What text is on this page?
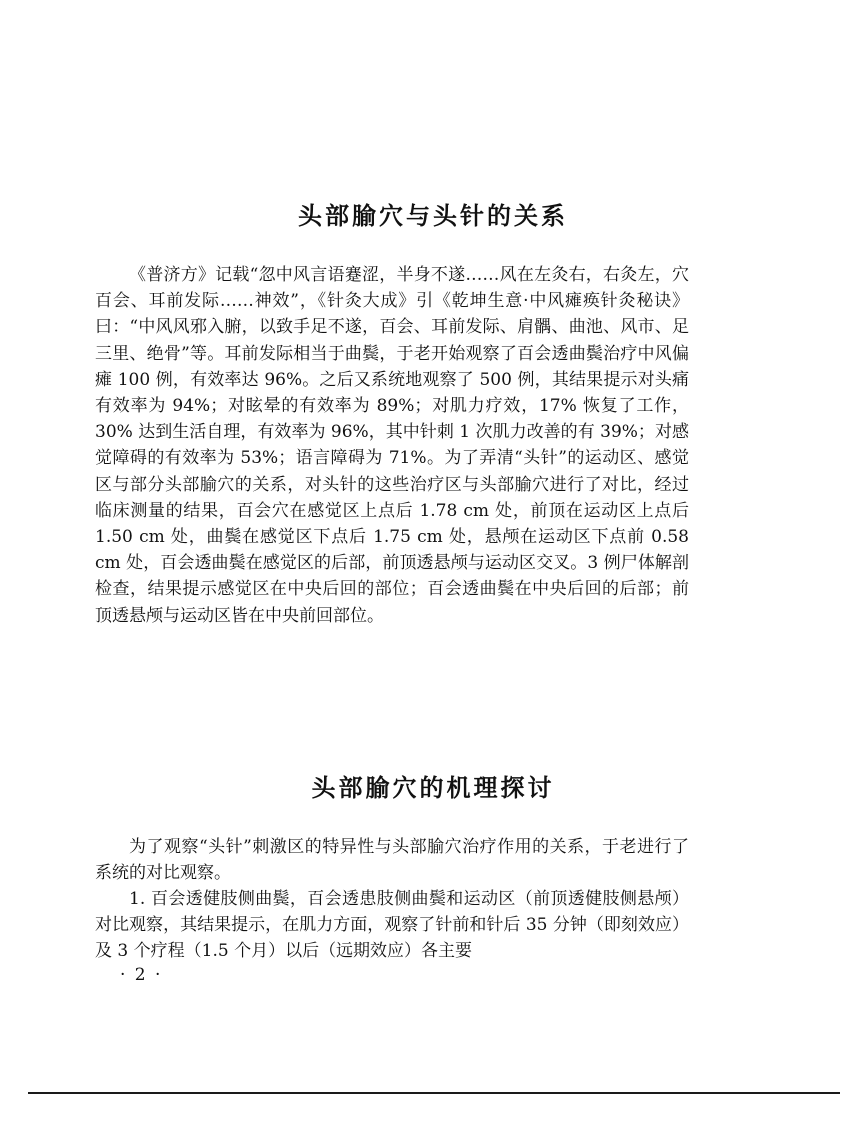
头部腧穴与头针的关系

《普济方》记载“忽中风言语蹇涩，半身不遂……风在左灸右，右灸左，穴百会、耳前发际……神效”，《针灸大成》引《乾坤生意·中风瘫痪针灸秘诀》曰：“中风风邪入腑，以致手足不遂，百会、耳前发际、肩髃、曲池、风市、足三里、绝骨”等。耳前发际相当于曲鬓，于老开始观察了百会透曲鬓治疗中风偏瘫 100 例，有效率达 96%。之后又系统地观察了 500 例，其结果提示对头痛有效率为 94%；对眩晕的有效率为 89%；对肌力疗效，17% 恢复了工作，30% 达到生活自理，有效率为 96%，其中针刺 1 次肌力改善的有 39%；对感觉障碍的有效率为 53%；语言障碍为 71%。为了弄清“头针”的运动区、感觉区与部分头部腧穴的关系，对头针的这些治疗区与头部腧穴进行了对比，经过临床测量的结果，百会穴在感觉区上点后 1.78 cm 处，前顶在运动区上点后 1.50 cm 处，曲鬓在感觉区下点后 1.75 cm 处，悬颅在运动区下点前 0.58 cm 处，百会透曲鬓在感觉区的后部，前顶透悬颅与运动区交叉。3 例尸体解剖检查，结果提示感觉区在中央后回的部位；百会透曲鬓在中央后回的后部；前顶透悬颅与运动区皆在中央前回部位。

头部腧穴的机理探讨

为了观察“头针”刺激区的特异性与头部腧穴治疗作用的关系，于老进行了系统的对比观察。

1. 百会透健肢侧曲鬓，百会透患肢侧曲鬓和运动区（前顶透健肢侧悬颅）对比观察，其结果提示，在肌力方面，观察了针前和针后 35 分钟（即刻效应）及 3 个疗程（1.5 个月）以后（远期效应）各主要

· 2 ·
